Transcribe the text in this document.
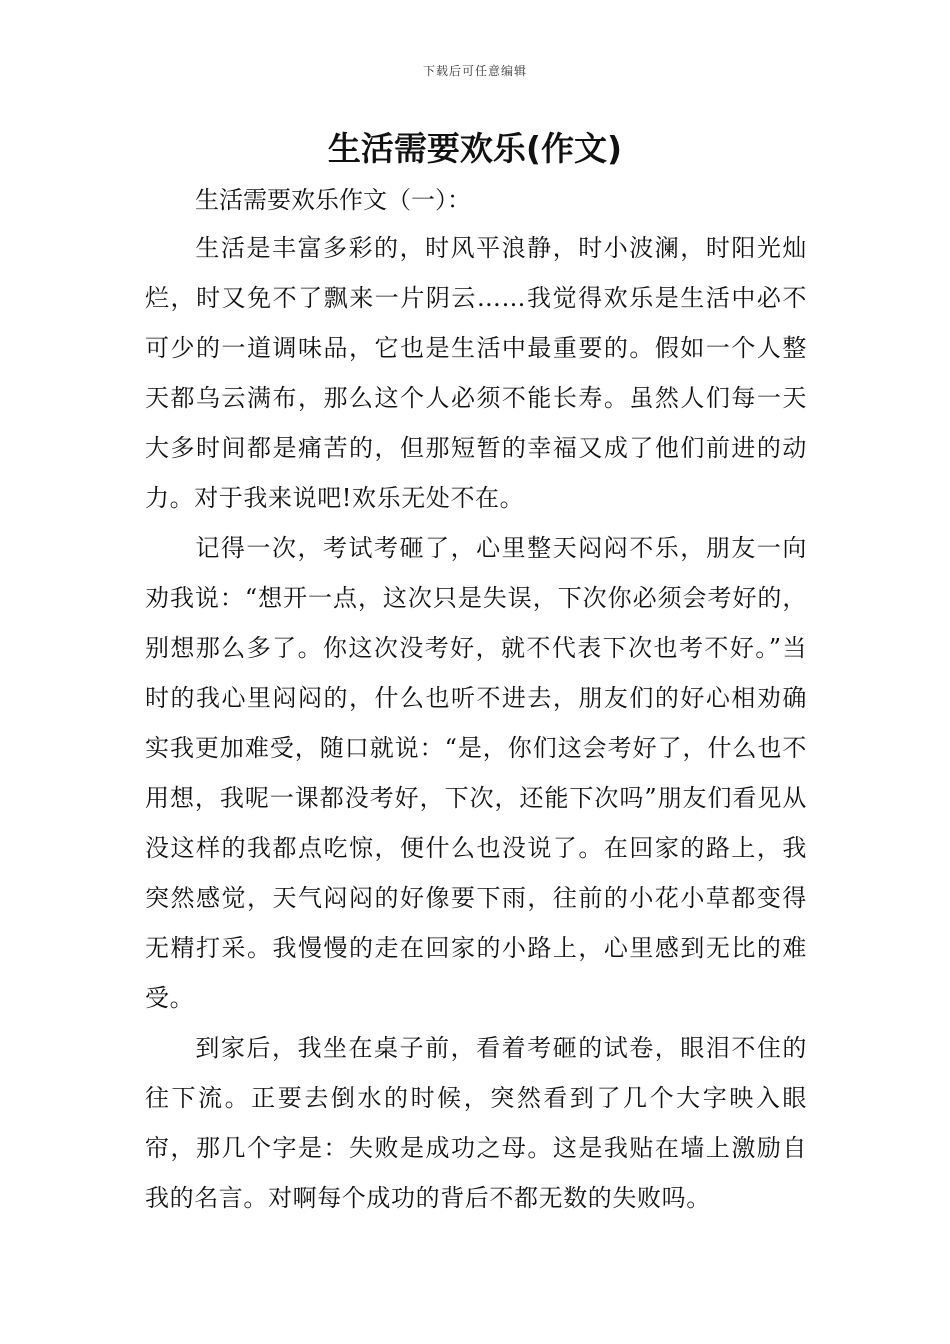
下载后可任意编辑
生活需要欢乐(作文)

生活需要欢乐作文（一）：

生活是丰富多彩的，时风平浪静，时小波澜，时阳光灿烂，时又免不了飘来一片阴云……我觉得欢乐是生活中必不可少的一道调味品，它也是生活中最重要的。假如一个人整天都乌云满布，那么这个人必须不能长寿。虽然人们每一天大多时间都是痛苦的，但那短暂的幸福又成了他们前进的动力。对于我来说吧!欢乐无处不在。

记得一次，考试考砸了，心里整天闷闷不乐，朋友一向劝我说：“想开一点，这次只是失误，下次你必须会考好的，别想那么多了。你这次没考好，就不代表下次也考不好。”当时的我心里闷闷的，什么也听不进去，朋友们的好心相劝确实我更加难受，随口就说：“是，你们这会考好了，什么也不用想，我呢一课都没考好，下次，还能下次吗”朋友们看见从没这样的我都点吃惊，便什么也没说了。在回家的路上，我突然感觉，天气闷闷的好像要下雨，往前的小花小草都变得无精打采。我慢慢的走在回家的小路上，心里感到无比的难受。

到家后，我坐在桌子前，看着考砸的试卷，眼泪不住的往下流。正要去倒水的时候，突然看到了几个大字映入眼帘，那几个字是：失败是成功之母。这是我贴在墙上激励自我的名言。对啊每个成功的背后不都无数的失败吗。
